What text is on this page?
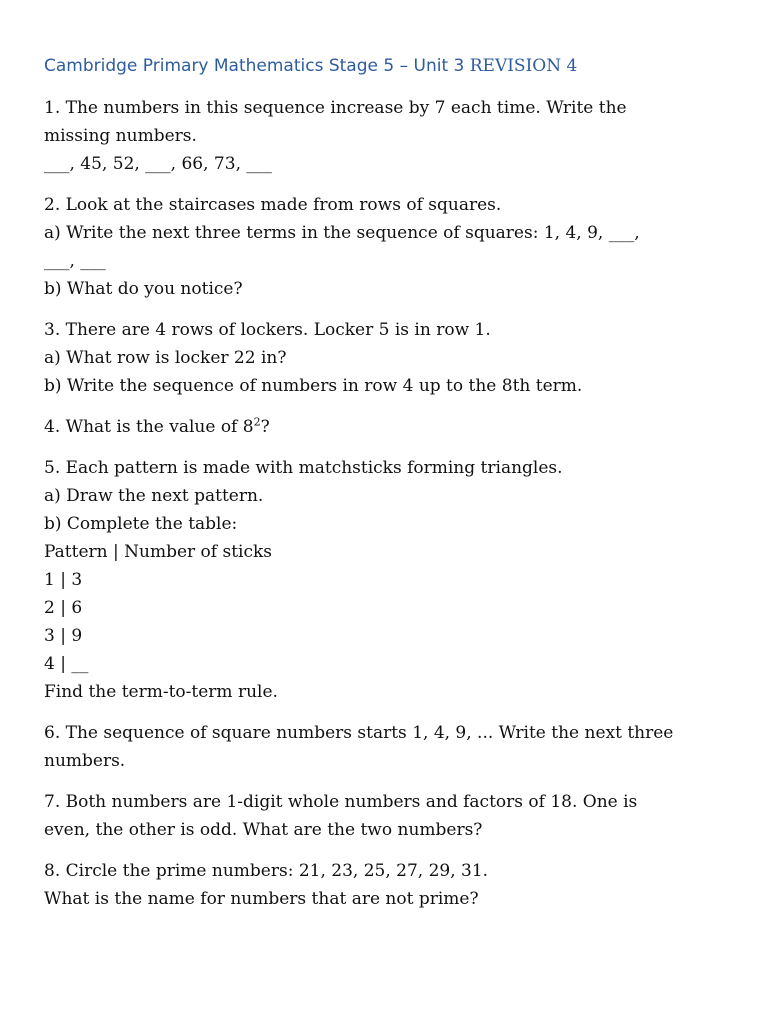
Cambridge Primary Mathematics Stage 5 – Unit 3 REVISION 4
1. The numbers in this sequence increase by 7 each time. Write the
missing numbers.
___, 45, 52, ___, 66, 73, ___
2. Look at the staircases made from rows of squares.
a) Write the next three terms in the sequence of squares: 1, 4, 9, ___,
___, ___
b) What do you notice?
3. There are 4 rows of lockers. Locker 5 is in row 1.
a) What row is locker 22 in?
b) Write the sequence of numbers in row 4 up to the 8th term.
4. What is the value of $8^2$?
5. Each pattern is made with matchsticks forming triangles.
a) Draw the next pattern.
b) Complete the table:
Pattern | Number of sticks
1 | 3
2 | 6
3 | 9
4 | __
Find the term-to-term rule.
6. The sequence of square numbers starts 1, 4, 9, ... Write the next three
numbers.
7. Both numbers are 1-digit whole numbers and factors of 18. One is
even, the other is odd. What are the two numbers?
8. Circle the prime numbers: 21, 23, 25, 27, 29, 31.
What is the name for numbers that are not prime?
